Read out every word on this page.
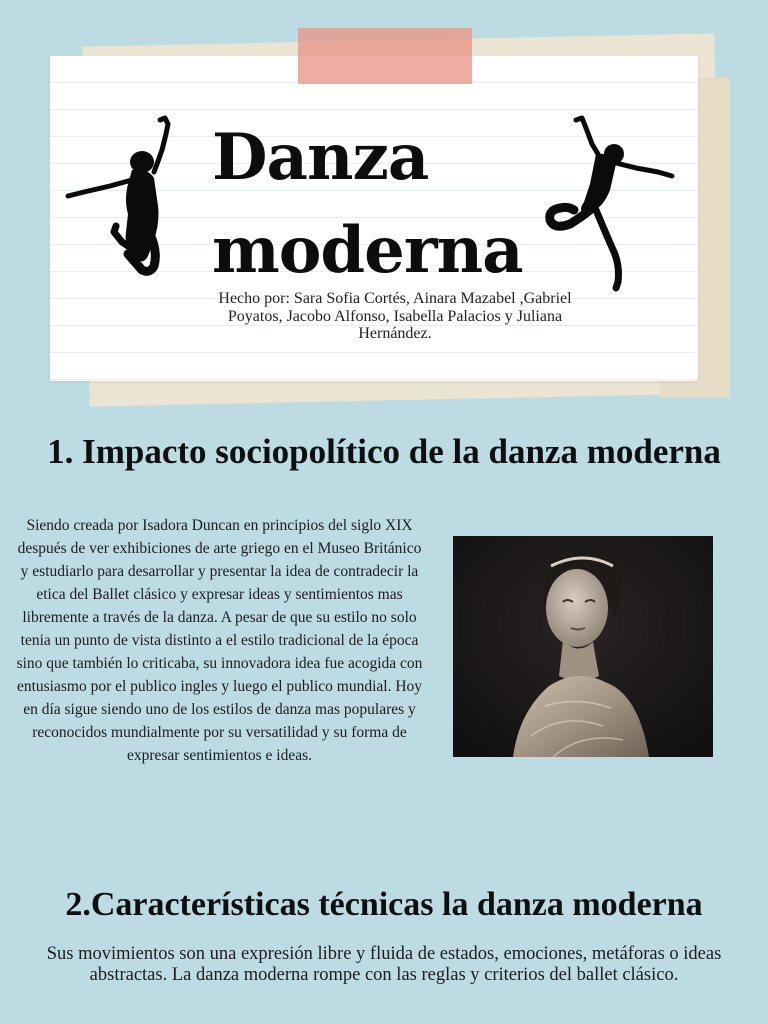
Danza
moderna

Hecho por: Sara Sofia Cortés, Ainara Mazabel ,Gabriel Poyatos, Jacobo Alfonso, Isabella Palacios y Juliana Hernández.

1. Impacto sociopolítico de la danza moderna

Siendo creada por Isadora Duncan en principios del siglo XIX después de ver exhibiciones de arte griego en el Museo Británico y estudiarlo para desarrollar y presentar la idea de contradecir la etica del Ballet clásico y expresar ideas y sentimientos mas libremente a través de la danza. A pesar de que su estilo no solo tenia un punto de vista distinto a el estilo tradicional de la época sino que también lo criticaba, su innovadora idea fue acogida con entusiasmo por el publico ingles y luego el publico mundial. Hoy en día sigue siendo uno de los estilos de danza mas populares y reconocidos mundialmente por su versatilidad y su forma de expresar sentimientos e ideas.

2.Características técnicas la danza moderna

Sus movimientos son una expresión libre y fluida de estados, emociones, metáforas o ideas abstractas. La danza moderna rompe con las reglas y criterios del ballet clásico.
